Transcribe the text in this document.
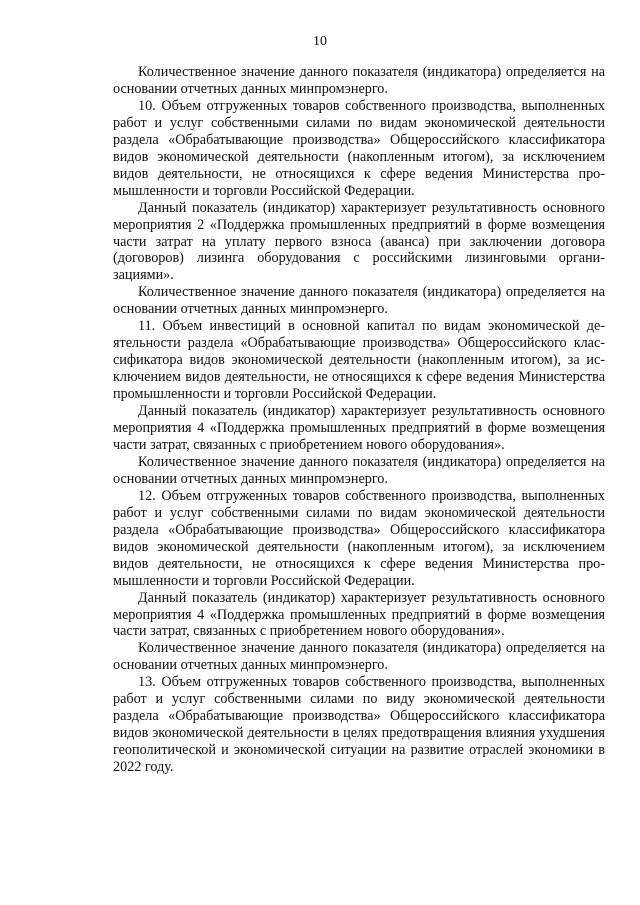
10

Количественное значение данного показателя (индикатора) определяется на основании отчетных данных минпромэнерго.

10. Объем отгруженных товаров собственного производства, выполненных работ и услуг собственными силами по видам экономической деятельности раздела «Обрабатывающие производства» Общероссийского классификатора видов экономической деятельности (накопленным итогом), за исключением видов деятельности, не относящихся к сфере ведения Министерства промышленности и торговли Российской Федерации.

Данный показатель (индикатор) характеризует результативность основного мероприятия 2 «Поддержка промышленных предприятий в форме возмещения части затрат на уплату первого взноса (аванса) при заключении договора (договоров) лизинга оборудования с российскими лизинговыми организациями».

Количественное значение данного показателя (индикатора) определяется на основании отчетных данных минпромэнерго.

11. Объем инвестиций в основной капитал по видам экономической деятельности раздела «Обрабатывающие производства» Общероссийского классификатора видов экономической деятельности (накопленным итогом), за исключением видов деятельности, не относящихся к сфере ведения Министерства промышленности и торговли Российской Федерации.

Данный показатель (индикатор) характеризует результативность основного мероприятия 4 «Поддержка промышленных предприятий в форме возмещения части затрат, связанных с приобретением нового оборудования».

Количественное значение данного показателя (индикатора) определяется на основании отчетных данных минпромэнерго.

12. Объем отгруженных товаров собственного производства, выполненных работ и услуг собственными силами по видам экономической деятельности раздела «Обрабатывающие производства» Общероссийского классификатора видов экономической деятельности (накопленным итогом), за исключением видов деятельности, не относящихся к сфере ведения Министерства промышленности и торговли Российской Федерации.

Данный показатель (индикатор) характеризует результативность основного мероприятия 4 «Поддержка промышленных предприятий в форме возмещения части затрат, связанных с приобретением нового оборудования».

Количественное значение данного показателя (индикатора) определяется на основании отчетных данных минпромэнерго.

13. Объем отгруженных товаров собственного производства, выполненных работ и услуг собственными силами по виду экономической деятельности раздела «Обрабатывающие производства» Общероссийского классификатора видов экономической деятельности в целях предотвращения влияния ухудшения геополитической и экономической ситуации на развитие отраслей экономики в 2022 году.
